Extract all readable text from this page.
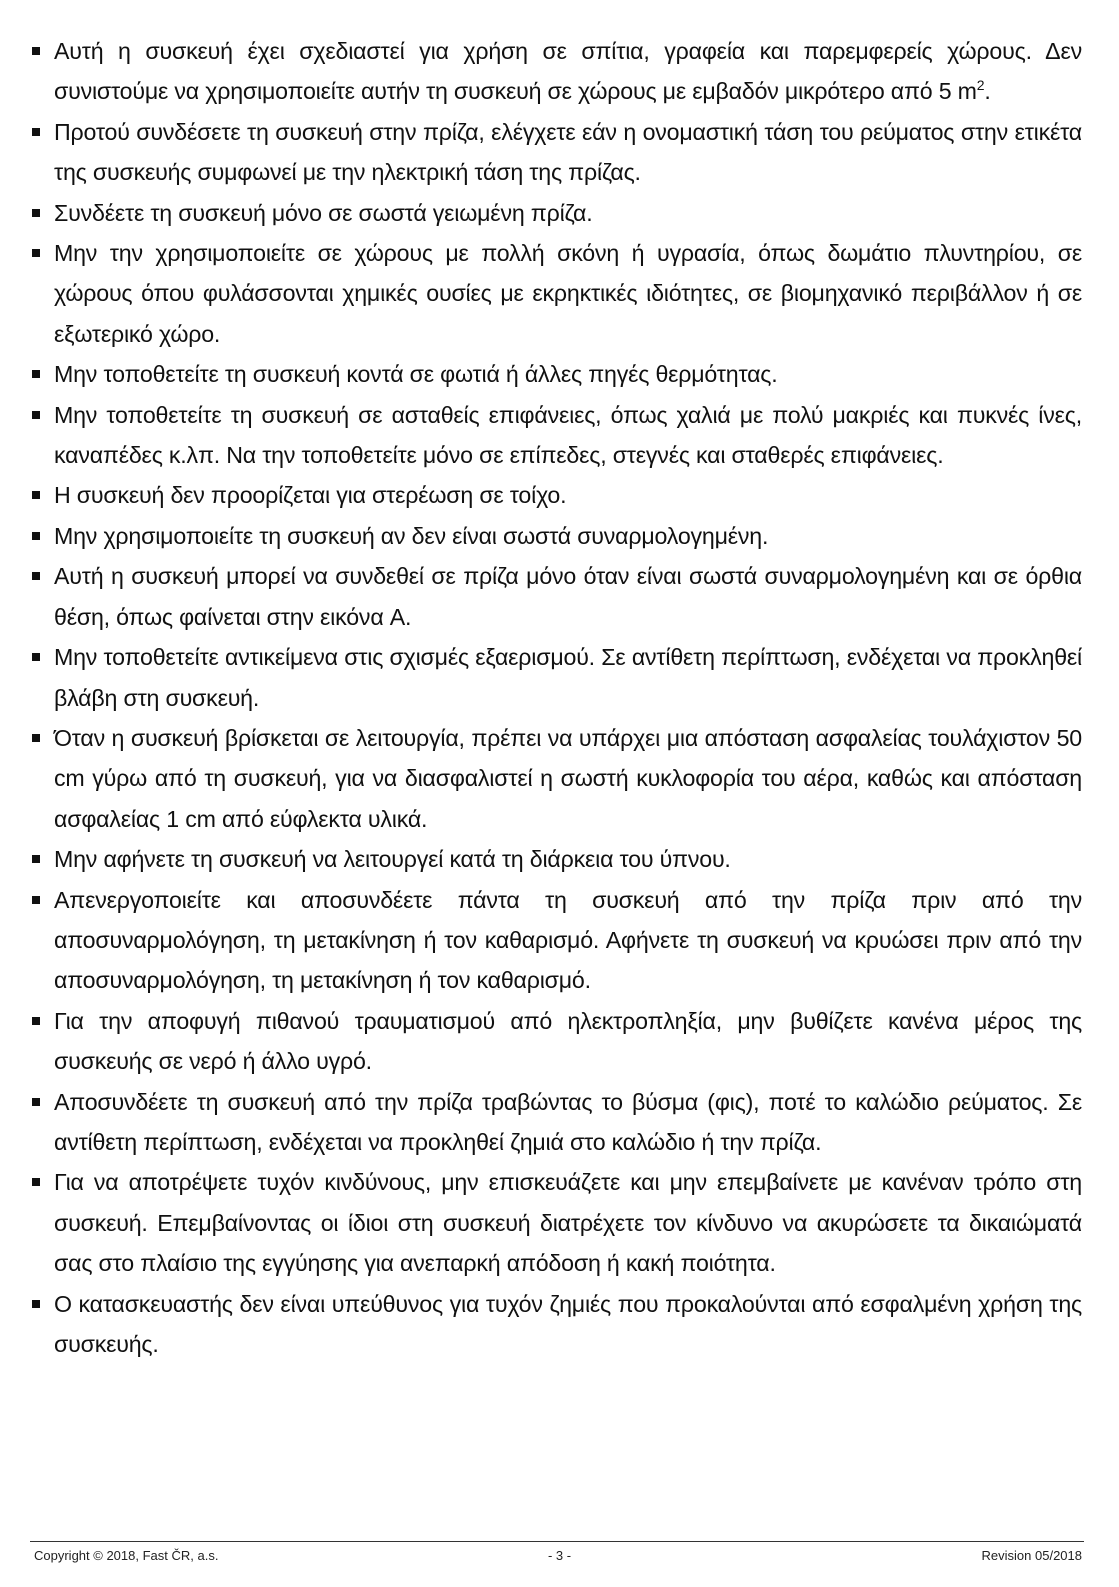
Αυτή η συσκευή έχει σχεδιαστεί για χρήση σε σπίτια, γραφεία και παρεμφερείς χώρους. Δεν συνιστούμε να χρησιμοποιείτε αυτήν τη συσκευή σε χώρους με εμβαδόν μικρότερο από 5 $m^2$.
Προτού συνδέσετε τη συσκευή στην πρίζα, ελέγχετε εάν η ονομαστική τάση του ρεύματος στην ετικέτα της συσκευής συμφωνεί με την ηλεκτρική τάση της πρίζας.
Συνδέετε τη συσκευή μόνο σε σωστά γειωμένη πρίζα.
Μην την χρησιμοποιείτε σε χώρους με πολλή σκόνη ή υγρασία, όπως δωμάτιο πλυντηρίου, σε χώρους όπου φυλάσσονται χημικές ουσίες με εκρηκτικές ιδιότητες, σε βιομηχανικό περιβάλλον ή σε εξωτερικό χώρο.
Μην τοποθετείτε τη συσκευή κοντά σε φωτιά ή άλλες πηγές θερμότητας.
Μην τοποθετείτε τη συσκευή σε ασταθείς επιφάνειες, όπως χαλιά με πολύ μακριές και πυκνές ίνες, καναπέδες κ.λπ. Να την τοποθετείτε μόνο σε επίπεδες, στεγνές και σταθερές επιφάνειες.
Η συσκευή δεν προορίζεται για στερέωση σε τοίχο.
Μην χρησιμοποιείτε τη συσκευή αν δεν είναι σωστά συναρμολογημένη.
Αυτή η συσκευή μπορεί να συνδεθεί σε πρίζα μόνο όταν είναι σωστά συναρμολογημένη και σε όρθια θέση, όπως φαίνεται στην εικόνα A.
Μην τοποθετείτε αντικείμενα στις σχισμές εξαερισμού. Σε αντίθετη περίπτωση, ενδέχεται να προκληθεί βλάβη στη συσκευή.
Όταν η συσκευή βρίσκεται σε λειτουργία, πρέπει να υπάρχει μια απόσταση ασφαλείας τουλάχιστον 50 cm γύρω από τη συσκευή, για να διασφαλιστεί η σωστή κυκλοφορία του αέρα, καθώς και απόσταση ασφαλείας 1 cm από εύφλεκτα υλικά.
Μην αφήνετε τη συσκευή να λειτουργεί κατά τη διάρκεια του ύπνου.
Απενεργοποιείτε και αποσυνδέετε πάντα τη συσκευή από την πρίζα πριν από την αποσυναρμολόγηση, τη μετακίνηση ή τον καθαρισμό. Αφήνετε τη συσκευή να κρυώσει πριν από την αποσυναρμολόγηση, τη μετακίνηση ή τον καθαρισμό.
Για την αποφυγή πιθανού τραυματισμού από ηλεκτροπληξία, μην βυθίζετε κανένα μέρος της συσκευής σε νερό ή άλλο υγρό.
Αποσυνδέετε τη συσκευή από την πρίζα τραβώντας το βύσμα (φις), ποτέ το καλώδιο ρεύματος. Σε αντίθετη περίπτωση, ενδέχεται να προκληθεί ζημιά στο καλώδιο ή την πρίζα.
Για να αποτρέψετε τυχόν κινδύνους, μην επισκευάζετε και μην επεμβαίνετε με κανέναν τρόπο στη συσκευή. Επεμβαίνοντας οι ίδιοι στη συσκευή διατρέχετε τον κίνδυνο να ακυρώσετε τα δικαιώματά σας στο πλαίσιο της εγγύησης για ανεπαρκή απόδοση ή κακή ποιότητα.
Ο κατασκευαστής δεν είναι υπεύθυνος για τυχόν ζημιές που προκαλούνται από εσφαλμένη χρήση της συσκευής.
Copyright © 2018, Fast ČR, a.s.	- 3 -	Revision 05/2018
